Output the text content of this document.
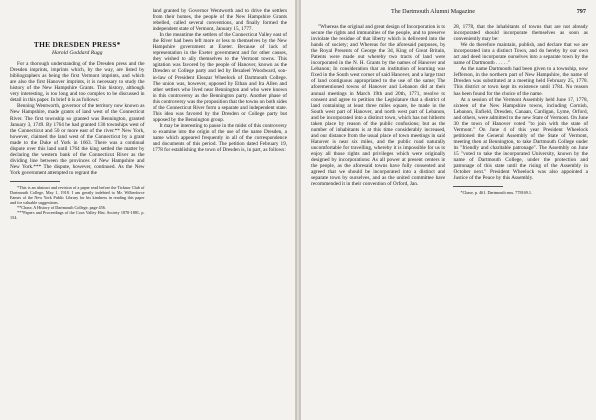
THE DRESDEN PRESS*
Harold Goddard Rugg

For a thorough understanding of the Dresden press and the Dresden imprints, imprints which, by the way, are listed by bibliographers as being the first Vermont imprints, and which are also the first Hanover imprints, it is necessary to study the history of the New Hampshire Grants. This history, although very interesting, is too long and too complex to be discussed in detail in this paper. In brief it is as follows:

Benning Wentworth, governor of the territory now known as New Hampshire, made grants of land west of the Connecticut River. The first township so granted was Bennington, granted January 3, 1749. By 1764 he had granted 130 townships west of the Connecticut and 50 or more east of the river.** New York, however, claimed the land west of the Connecticut by a grant made to the Duke of York in 1663. There was a continual dispute over this land until 1764 the king settled the matter by declaring the western bank of the Connecticut River as the dividing line between the provinces of New Hampshire and New York.*** The dispute, however, continued. As the New York government attempted to regrant the

*This is an abstract and revision of a paper read before the Ticknor Club of Dartmouth College, May 1, 1918. I am greatly indebted to Mr. Wilberforce Eames of the New York Public Library for his kindness in reading this paper and for valuable suggestions.

**Chase, A History of Dartmouth College, page 456.

***Papers and Proceedings of the Coos Valley Hist. Society 1870-1881, p. 154.

land granted by Governor Wentworth and to drive the settlers from their homes, the people of the New Hampshire Grants rebelled, called several conventions, and finally formed the independent state of Vermont, January 15, 1777.

In the meantime the settlers of the Connecticut Valley east of the River had been left more or less to themselves by the New Hampshire government at Exeter. Because of lack of representation in the Exeter government and for other causes, they wished to ally themselves to the Vermont towns. This agitation was favored by the people of Hanover, known as the Dresden or College party and led by Bezaleel Woodward, son-in-law of President Eleazar Wheelock of Dartmouth College. The union was, however, opposed by Ethan and Ira Allen and other settlers who lived near Bennington and who were known in this controversy as the Bennington party. Another phase of this controversy was the proposition that the towns on both sides of the Connecticut River form a separate and independent state. This idea was favored by the Dresden or College party but opposed by the Bennington group.

It may be interesting to pause in the midst of this controversy to examine into the origin of the use of the name Dresden, a name which appeared frequently in all of the correspondence and documents of this period. The petition dated February 19, 1778 for establishing the town of Dresden is, in part, as follows:

The Dartmouth Alumni Magazine	797

"Whereas the original and great design of Incorporation is to secure the rights and immunities of the people, and to preserve inviolate the residue of that liberty which is delivered into the hands of society; and Whereas for the aforesaid purposes, by the Royal Presents of George the 3d, King of Great Britain, Patents were made out whereby two tracts of land were incorporated in the N. H. Grants by the names of Hanover and Lebanon; In consideration that an institution of learning was fixed in the South west corner of said Hanover, and a large tract of land contiguous appropriated to the use of the same; The aforementioned towns of Hanover and Lebanon did at their annual meetings in March 19th and 20th, 1771, resolve to consent and agree to petition the Legislature that a district of land containing at least three miles square, be made in the South west part of Hanover, and north west part of Lebanon, and be incorporated into a distinct town, which has not hitherto taken place by reason of the public confusions; but as the number of inhabitants is at this time considerably increased, and our distance from the usual place of town meetings in said Hanover is near six miles, and the public road naturally uncomfortable for travelling, whereby it is impossible for us to enjoy all those rights and privileges which were originally designed by incorporations: As all power at present centers in the people, as the aforesaid towns have fully consented and agreed that we should be incorporated into a distinct and separate town by ourselves, and as the united committee have recommended it in their convention of Orford, Jan.

28, 1778, that the inhabitants of towns that are not already incorporated should incorporate themselves as soon as conveniently may be:

We do therefore maintain, publish, and declare that we are incorporated into a distinct Town, and do hereby by our own act and deed incorporate ourselves into a separate town by the name of Dartmouth . . . . ."

As the name Dartmouth had been given to a township, now Jefferson, in the northern part of New Hampshire, the name of Dresden was substituted at a meeting held February 25, 1778. This district or town kept its existence until 1784. No reason has been found for the choice of the name.

At a session of the Vermont Assembly held June 17, 1778, sixteen of the New Hampshire towns, including Cornish, Lebanon, Enfield, Dresden, Canaan, Cardigan, Lyme, Orford, and others, were admitted to the new State of Vermont. On June 30 the town of Hanover voted "to join with the state of Vermont." On June 4 of this year President Wheelock petitioned the General Assembly of the State of Vermont, meeting then at Bennington, to take Dartmouth College under its "friendly and charitable patronage". The Assembly on June 15 "voted to take the incorporated University, known by the name of Dartmouth College, under the protection and patronage of this state until the rising of the Assembly in October next." President Wheelock was also appointed a Justice of the Peace by this Assembly.

*Chase, p. 461. Dartmouth mss. 778169.1.
